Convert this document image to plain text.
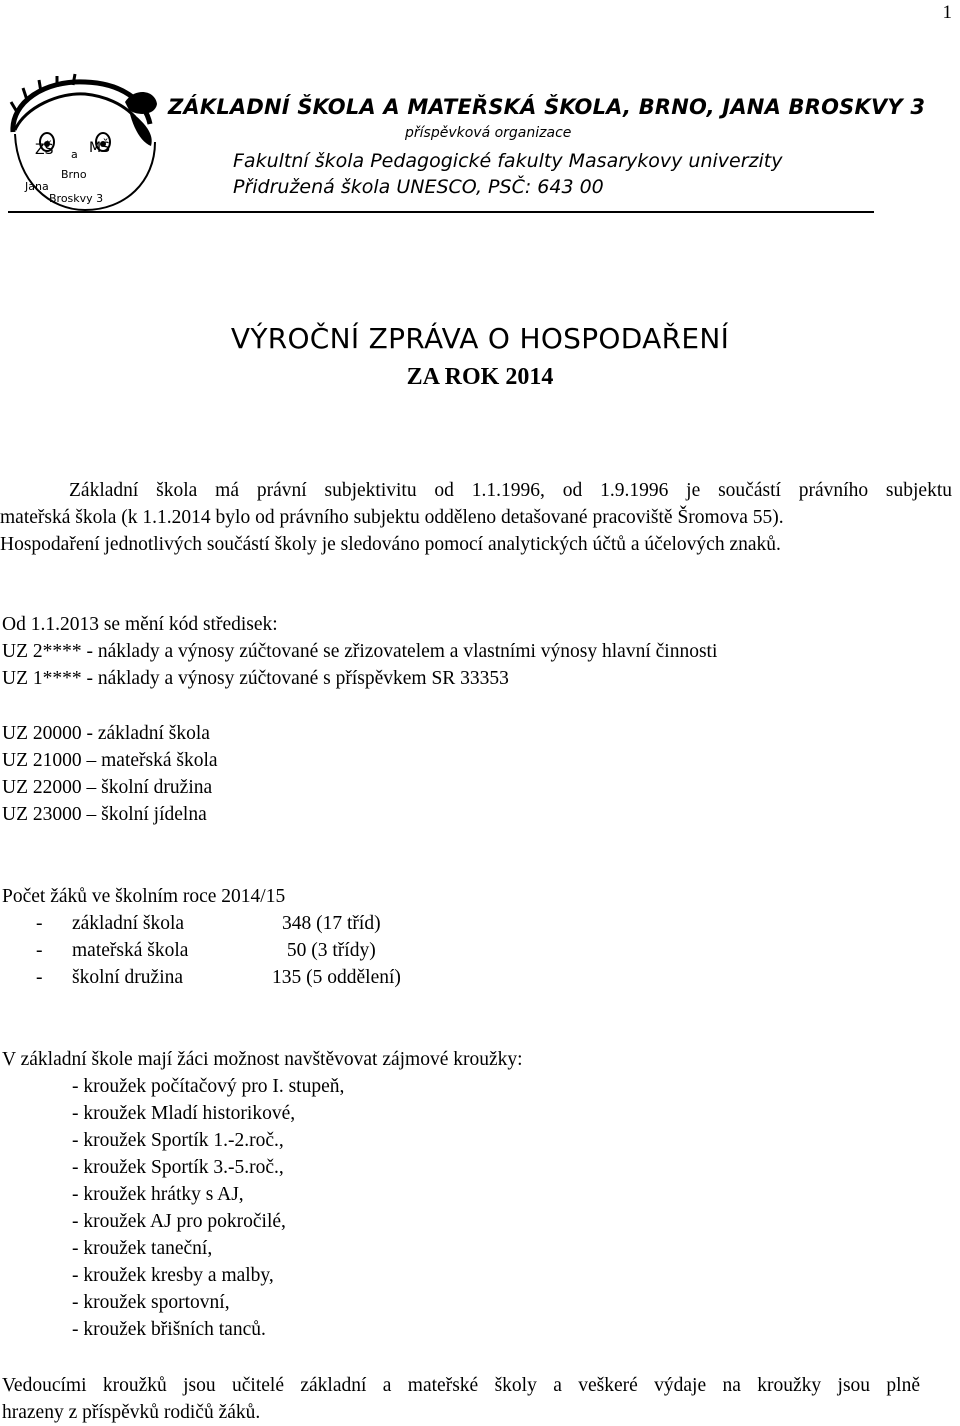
1
ZŠ a MŠ
Brno
Jana
Broskvy 3
ZÁKLADNÍ ŠKOLA A MATEŘSKÁ ŠKOLA, BRNO, JANA BROSKVY 3
příspěvková organizace
Fakultní škola Pedagogické fakulty Masarykovy univerzity
Přidružená škola UNESCO, PSČ: 643 00
VÝROČNÍ ZPRÁVA O HOSPODAŘENÍ
ZA ROK 2014
Základní škola má právní subjektivitu od 1.1.1996, od 1.9.1996 je součástí právního subjektu
mateřská škola (k 1.1.2014 bylo od právního subjektu odděleno detašované pracoviště Šromova 55).
Hospodaření jednotlivých součástí školy je sledováno pomocí analytických účtů a účelových znaků.
Od 1.1.2013 se mění kód středisek:
UZ 2**** - náklady a výnosy zúčtované se zřizovatelem a vlastními výnosy hlavní činnosti
UZ 1**** - náklady a výnosy zúčtované s příspěvkem SR 33353
UZ 20000 - základní škola
UZ 21000 – mateřská škola
UZ 22000 – školní družina
UZ 23000 – školní jídelna
Počet žáků ve školním roce 2014/15
-	základní škola	348 (17 tříd)
-	mateřská škola	50 (3 třídy)
-	školní družina	135 (5 oddělení)
V základní škole mají žáci možnost navštěvovat zájmové kroužky:
- kroužek počítačový pro I. stupeň,
- kroužek Mladí historikové,
- kroužek Sportík 1.-2.roč.,
- kroužek Sportík 3.-5.roč.,
- kroužek hrátky s AJ,
- kroužek AJ pro pokročilé,
- kroužek taneční,
- kroužek kresby a malby,
- kroužek sportovní,
- kroužek břišních tanců.
Vedoucími kroužků jsou učitelé základní a mateřské školy a veškeré výdaje na kroužky jsou plně
hrazeny z příspěvků rodičů žáků.
